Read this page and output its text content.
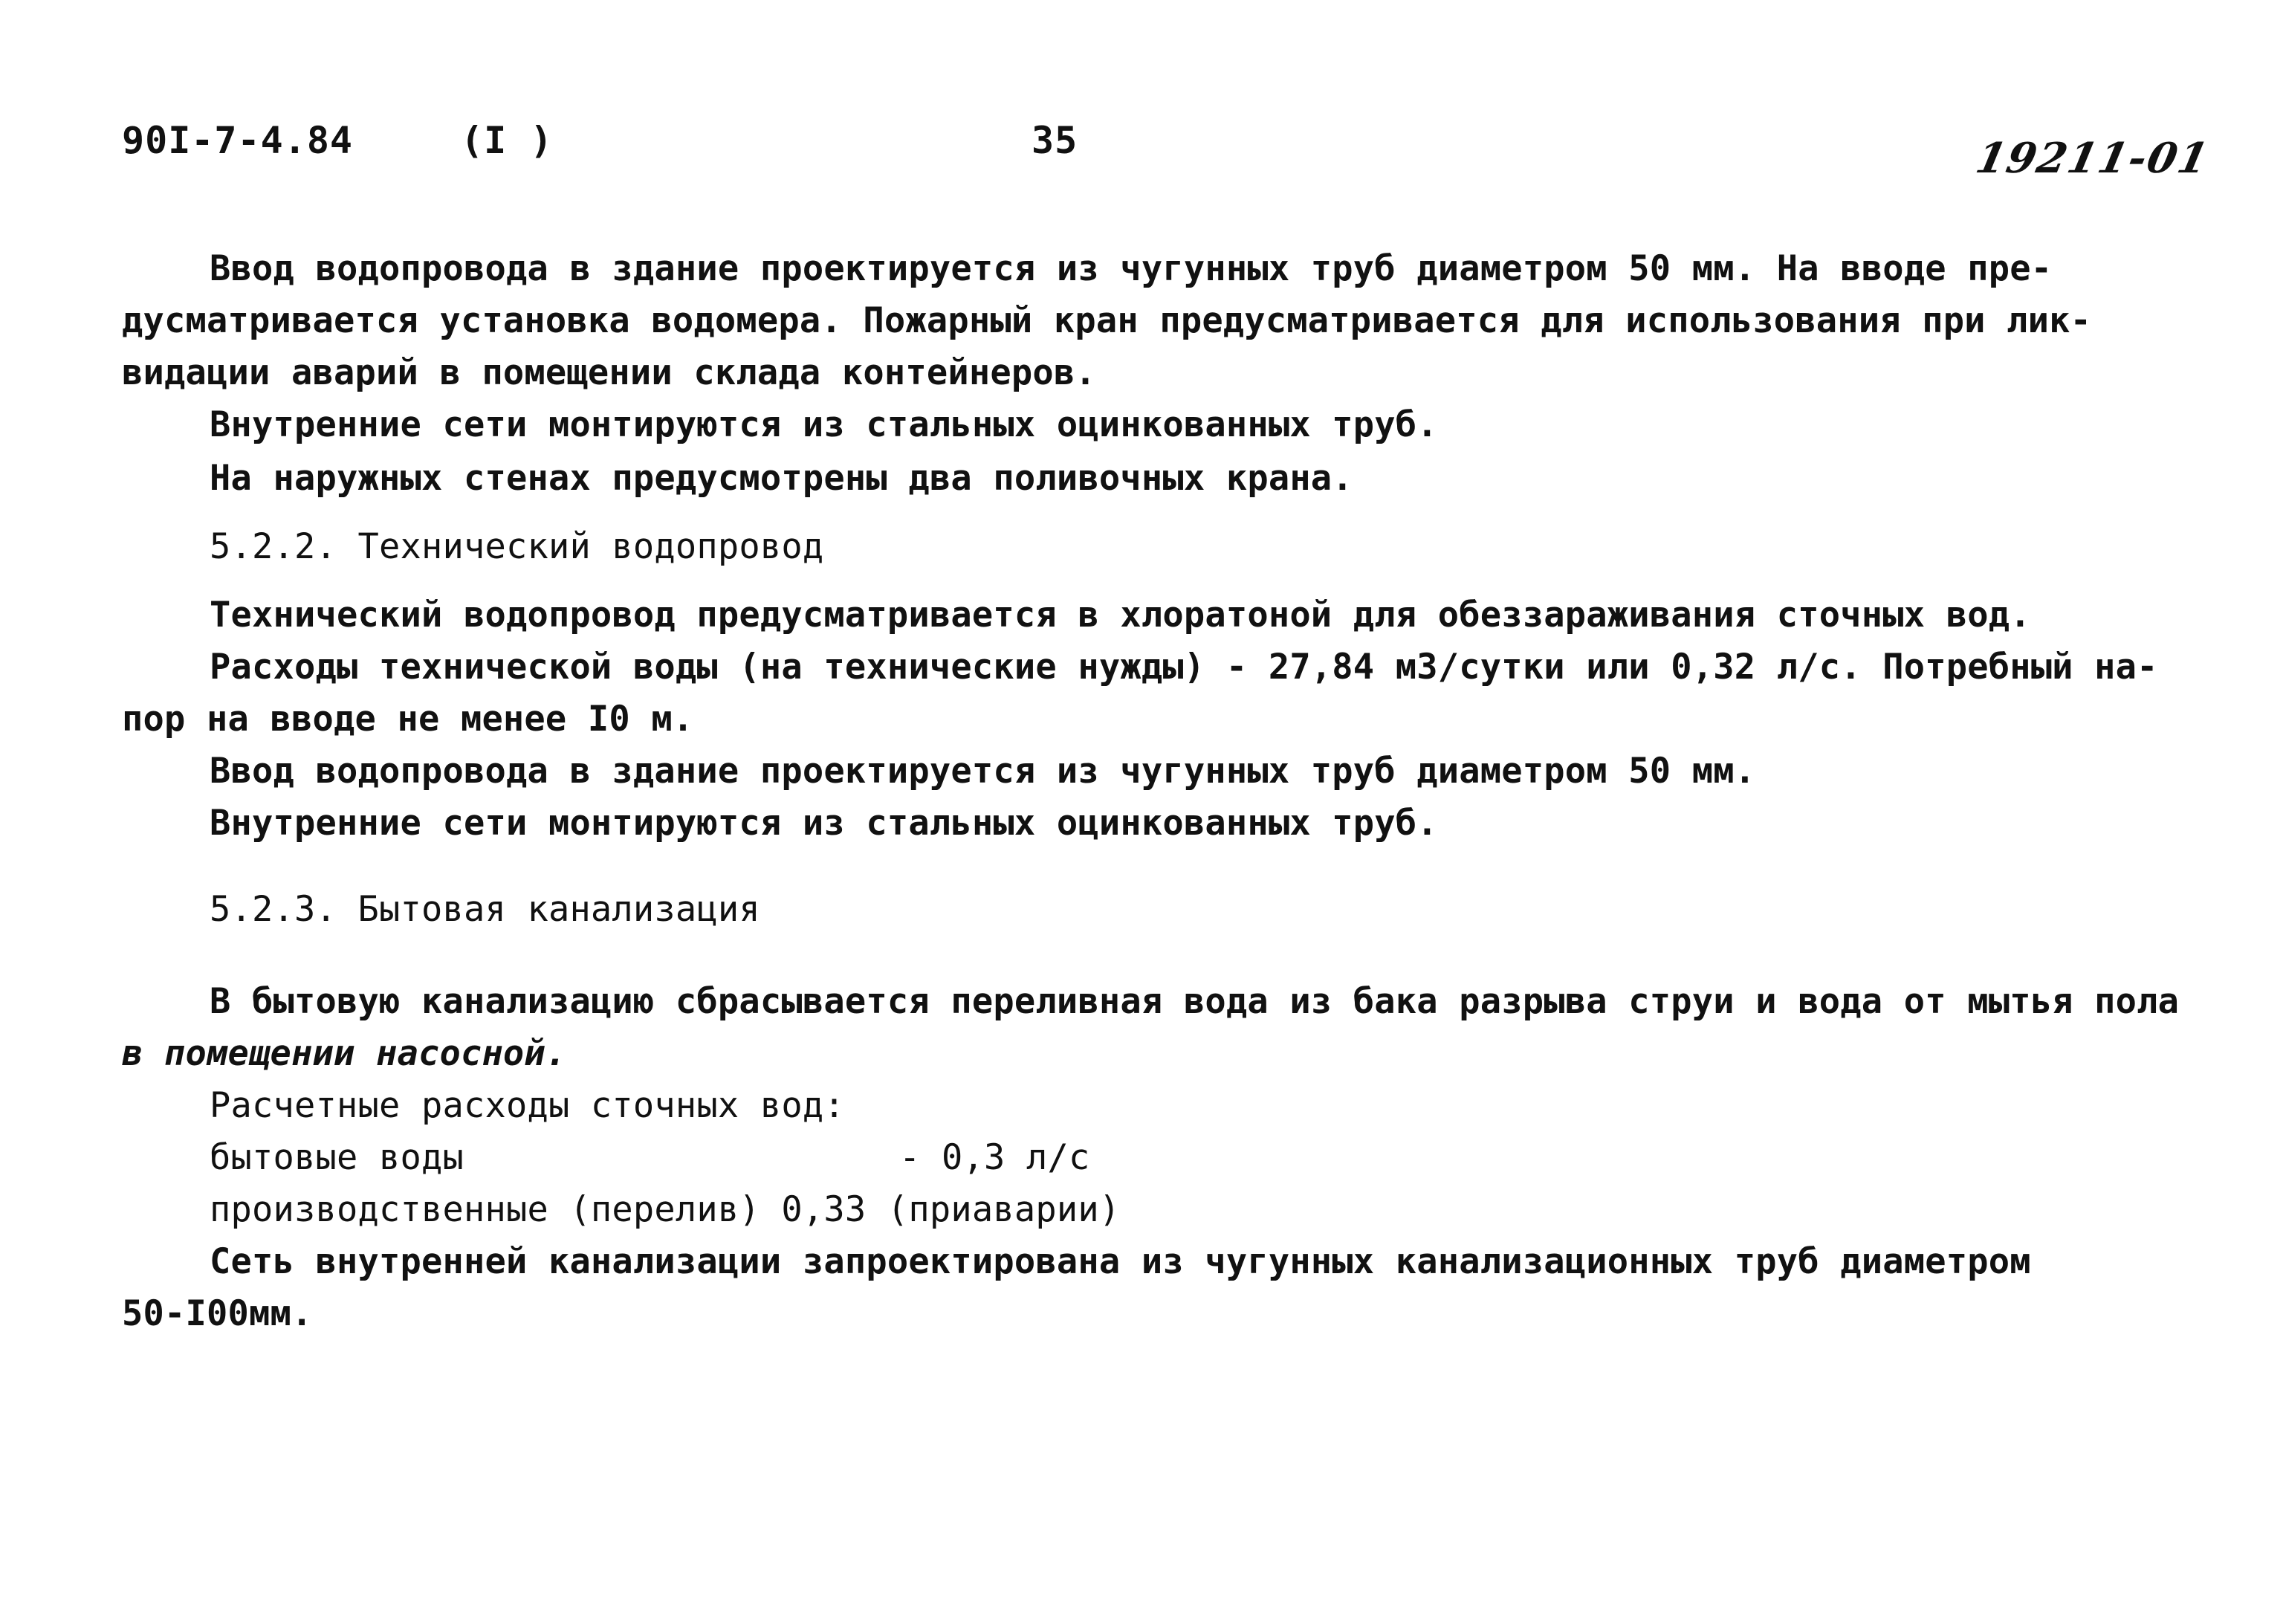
90I-7-4.84	(I )	35	19211-01
Ввод водопровода в здание проектируется из чугунных труб диаметром 50 мм. На вводе пре-
дусматривается установка водомера. Пожарный кран предусматривается для использования при лик-
видации аварий в помещении склада контейнеров.
Внутренние сети монтируются из стальных оцинкованных труб.
На наружных стенах предусмотрены два поливочных крана.
5.2.2. Технический водопровод
Технический водопровод предусматривается в хлоратоной для обеззараживания сточных вод.
Расходы технической воды (на технические нужды) - 27,84 м3/сутки или 0,32 л/с. Потребный на-
пор на вводе не менее I0 м.
Ввод водопровода в здание проектируется из чугунных труб диаметром 50 мм.
Внутренние сети монтируются из стальных оцинкованных труб.
5.2.3. Бытовая канализация
В бытовую канализацию сбрасывается переливная вода из бака разрыва струи и вода от мытья пола
в помещении насосной.
Расчетные расходы сточных вод:
бытовые воды	- 0,3 л/с
производственные (перелив) 0,33 (приаварии)
Сеть внутренней канализации запроектирована из чугунных канализационных труб диаметром
50-I00мм.
